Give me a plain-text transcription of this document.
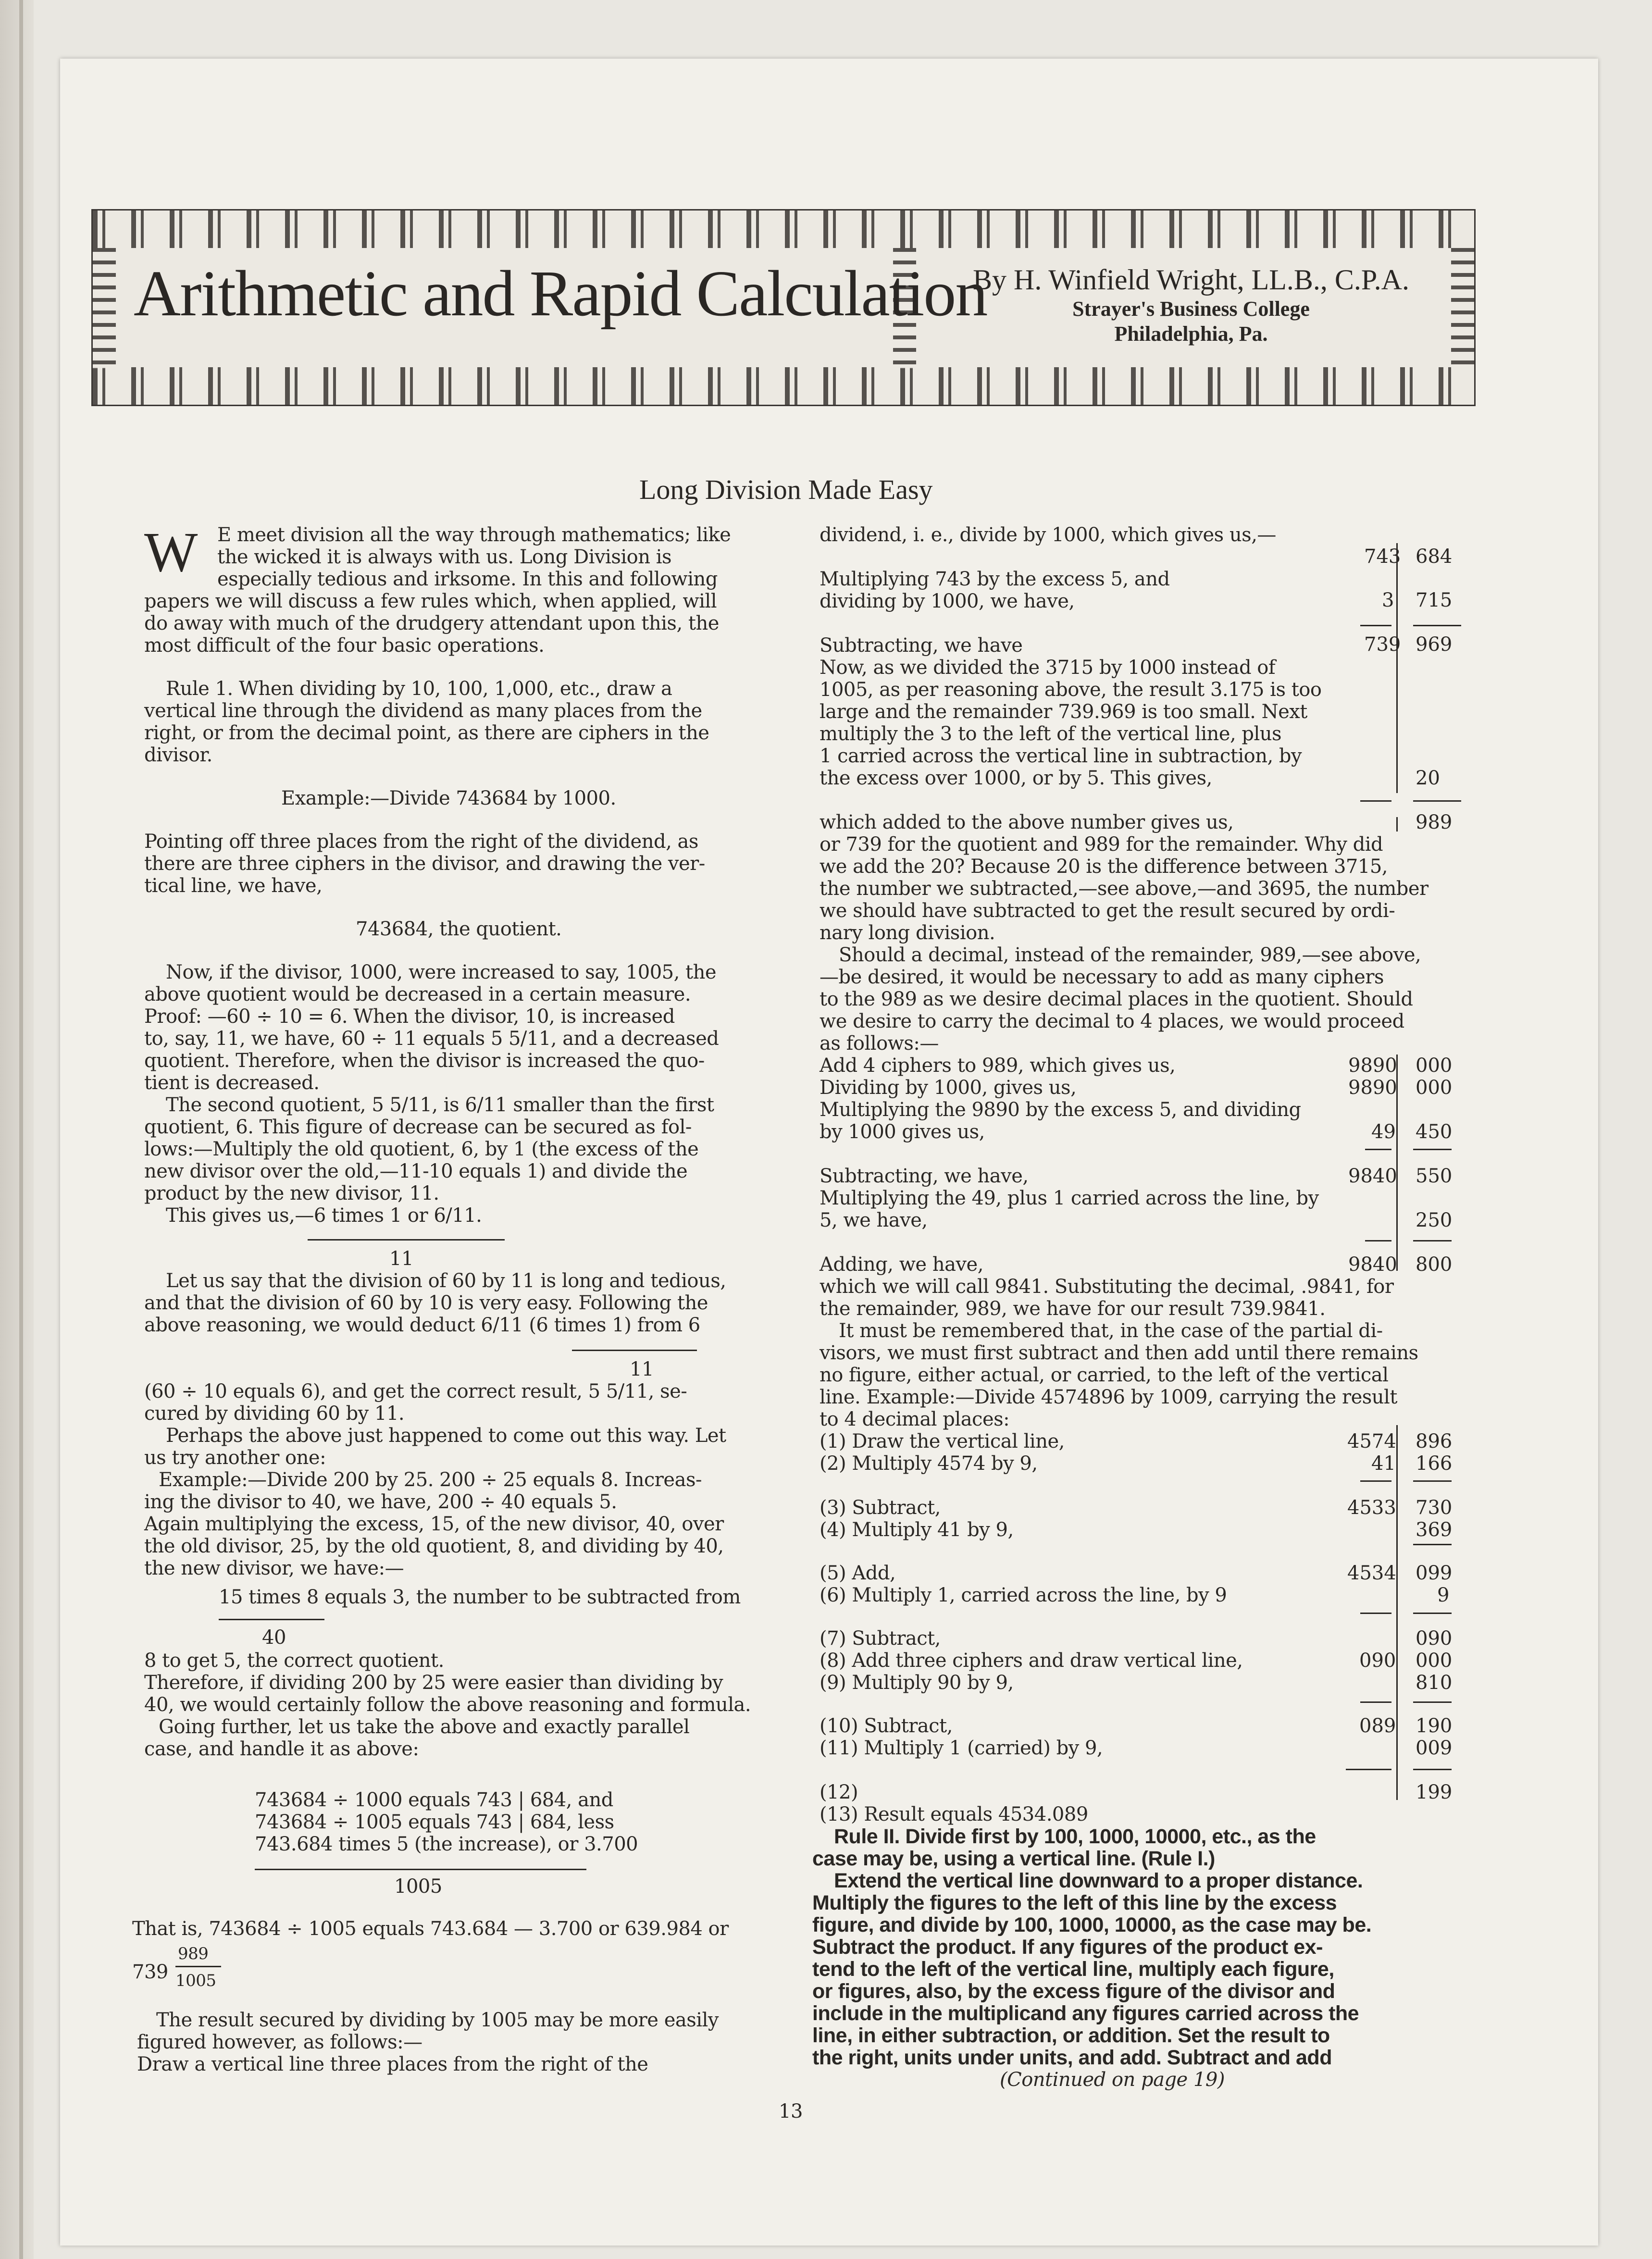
Arithmetic and Rapid Calculation
By H. Winfield Wright, LL.B., C.P.A.
Strayer's Business College
Philadelphia, Pa.
Long Division Made Easy
W E meet division all the way through mathematics; like
the wicked it is always with us. Long Division is
especially tedious and irksome. In this and following
papers we will discuss a few rules which, when applied, will
do away with much of the drudgery attendant upon this, the
most difficult of the four basic operations.
Rule 1. When dividing by 10, 100, 1,000, etc., draw a
vertical line through the dividend as many places from the
right, or from the decimal point, as there are ciphers in the
divisor.
Example:—Divide 743684 by 1000.
Pointing off three places from the right of the dividend, as
there are three ciphers in the divisor, and drawing the ver-
tical line, we have,
743684, the quotient.
Now, if the divisor, 1000, were increased to say, 1005, the
above quotient would be decreased in a certain measure.
Proof: —60 ÷ 10 = 6. When the divisor, 10, is increased
to, say, 11, we have, 60 ÷ 11 equals 5 5/11, and a decreased
quotient. Therefore, when the divisor is increased the quo-
tient is decreased.
The second quotient, 5 5/11, is 6/11 smaller than the first
quotient, 6. This figure of decrease can be secured as fol-
lows:—Multiply the old quotient, 6, by 1 (the excess of the
new divisor over the old,—11-10 equals 1) and divide the
product by the new divisor, 11.
This gives us,—6 times 1 or 6/11.
11
Let us say that the division of 60 by 11 is long and tedious,
and that the division of 60 by 10 is very easy. Following the
above reasoning, we would deduct 6/11 (6 times 1) from 6
11
(60 ÷ 10 equals 6), and get the correct result, 5 5/11, se-
cured by dividing 60 by 11.
Perhaps the above just happened to come out this way. Let
us try another one:
Example:—Divide 200 by 25. 200 ÷ 25 equals 8. Increas-
ing the divisor to 40, we have, 200 ÷ 40 equals 5.
Again multiplying the excess, 15, of the new divisor, 40, over
the old divisor, 25, by the old quotient, 8, and dividing by 40,
the new divisor, we have:—
15 times 8 equals 3, the number to be subtracted from
40
8 to get 5, the correct quotient.
Therefore, if dividing 200 by 25 were easier than dividing by
40, we would certainly follow the above reasoning and formula.
Going further, let us take the above and exactly parallel
case, and handle it as above:
743684 ÷ 1000 equals 743 | 684, and
743684 ÷ 1005 equals 743 | 684, less
743.684 times 5 (the increase), or 3.700
1005
That is, 743684 ÷ 1005 equals 743.684 — 3.700 or 639.984 or
739
989
1005
The result secured by dividing by 1005 may be more easily
figured however, as follows:—
Draw a vertical line three places from the right of the
dividend, i. e., divide by 1000, which gives us,—
Multiplying 743 by the excess 5, and
dividing by 1000, we have,
Subtracting, we have
Now, as we divided the 3715 by 1000 instead of
1005, as per reasoning above, the result 3.175 is too
large and the remainder 739.969 is too small. Next
multiply the 3 to the left of the vertical line, plus
1 carried across the vertical line in subtraction, by
the excess over 1000, or by 5. This gives,
which added to the above number gives us,
or 739 for the quotient and 989 for the remainder. Why did
we add the 20? Because 20 is the difference between 3715,
the number we subtracted,—see above,—and 3695, the number
we should have subtracted to get the result secured by ordi-
nary long division.
Should a decimal, instead of the remainder, 989,—see above,
—be desired, it would be necessary to add as many ciphers
to the 989 as we desire decimal places in the quotient. Should
we desire to carry the decimal to 4 places, we would proceed
as follows:—
Add 4 ciphers to 989, which gives us,
Dividing by 1000, gives us,
Multiplying the 9890 by the excess 5, and dividing
by 1000 gives us,
Subtracting, we have,
Multiplying the 49, plus 1 carried across the line, by
5, we have,
Adding, we have,
which we will call 9841. Substituting the decimal, .9841, for
the remainder, 989, we have for our result 739.9841.
It must be remembered that, in the case of the partial di-
visors, we must first subtract and then add until there remains
no figure, either actual, or carried, to the left of the vertical
line. Example:—Divide 4574896 by 1009, carrying the result
to 4 decimal places:
(1) Draw the vertical line,
(2) Multiply 4574 by 9,
(3) Subtract,
(4) Multiply 41 by 9,
(5) Add,
(6) Multiply 1, carried across the line, by 9
(7) Subtract,
(8) Add three ciphers and draw vertical line,
(9) Multiply 90 by 9,
(10) Subtract,
(11) Multiply 1 (carried) by 9,
(12)
(13) Result equals 4534.089
Rule II. Divide first by 100, 1000, 10000, etc., as the
case may be, using a vertical line. (Rule I.)
Extend the vertical line downward to a proper distance.
Multiply the figures to the left of this line by the excess
figure, and divide by 100, 1000, 10000, as the case may be.
Subtract the product. If any figures of the product ex-
tend to the left of the vertical line, multiply each figure,
or figures, also, by the excess figure of the divisor and
include in the multiplicand any figures carried across the
line, in either subtraction, or addition. Set the result to
the right, units under units, and add. Subtract and add
(Continued on page 19)
743
3
739
9890
9890
49
9840
9840
4574
41
4533
4534
090
089
684
715
969
20
989
000
000
450
550
250
800
896
166
730
369
099
9
090
000
810
190
009
199
13
